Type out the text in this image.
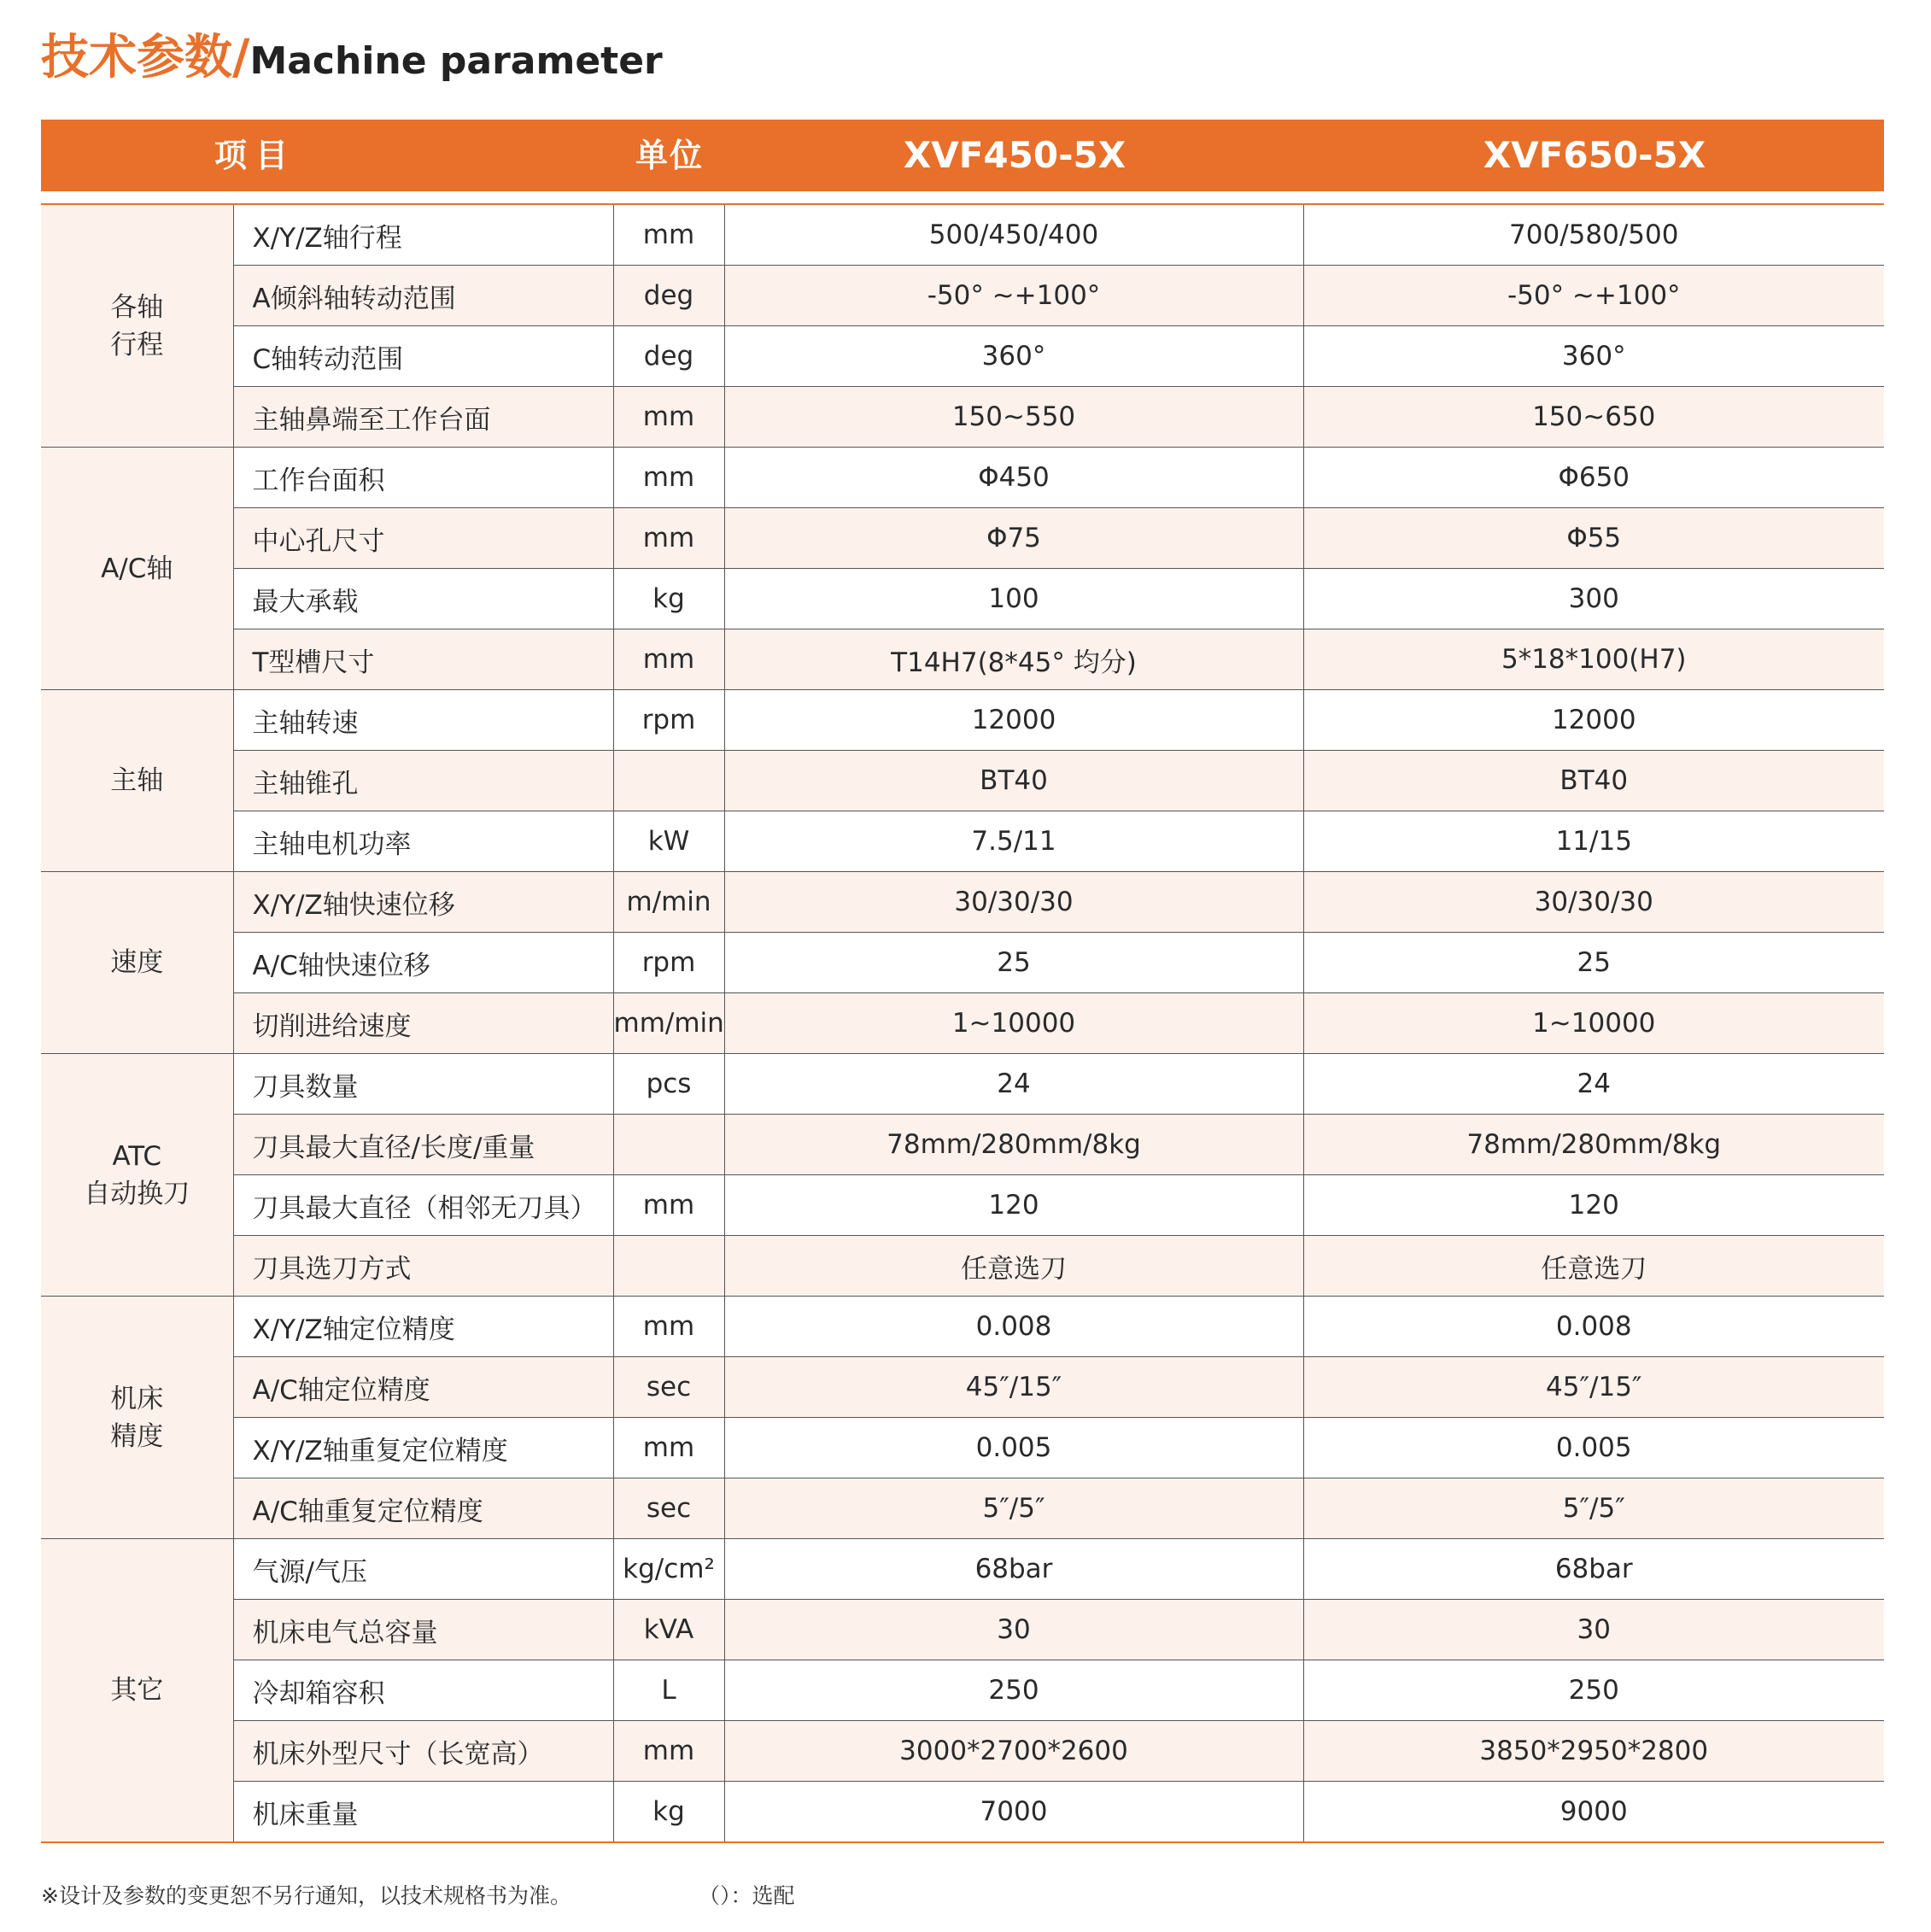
技术参数/Machine parameter
项目	单位	XVF450-5X	XVF650-5X
各轴
行程	X/Y/Z轴行程	mm	500/450/400	700/580/500
	A倾斜轴转动范围	deg	-50° ~+100°	-50° ~+100°
	C轴转动范围	deg	360°	360°
	主轴鼻端至工作台面	mm	150~550	150~650

A/C轴	工作台面积	mm	Φ450	Φ650
	中心孔尺寸	mm	Φ75	Φ55
	最大承载	kg	100	300
	T型槽尺寸	mm	T14H7(8*45° 均分)	5*18*100(H7)

主轴	主轴转速	rpm	12000	12000
	主轴锥孔		BT40	BT40
	主轴电机功率	kW	7.5/11	11/15

速度	X/Y/Z轴快速位移	m/min	30/30/30	30/30/30
	A/C轴快速位移	rpm	25	25
	切削进给速度	mm/min	1~10000	1~10000

ATC
自动换刀	刀具数量	pcs	24	24
	刀具最大直径/长度/重量		78mm/280mm/8kg	78mm/280mm/8kg
	刀具最大直径（相邻无刀具）	mm	120	120
	刀具选刀方式		任意选刀	任意选刀

机床
精度	X/Y/Z轴定位精度	mm	0.008	0.008
	A/C轴定位精度	sec	45″/15″	45″/15″
	X/Y/Z轴重复定位精度	mm	0.005	0.005
	A/C轴重复定位精度	sec	5″/5″	5″/5″

其它	气源/气压	kg/cm²	68bar	68bar
	机床电气总容量	kVA	30	30
	冷却箱容积	L	250	250
	机床外型尺寸（长宽高）	mm	3000*2700*2600	3850*2950*2800
	机床重量	kg	7000	9000
※设计及参数的变更恕不另行通知，以技术规格书为准。	（）：选配
